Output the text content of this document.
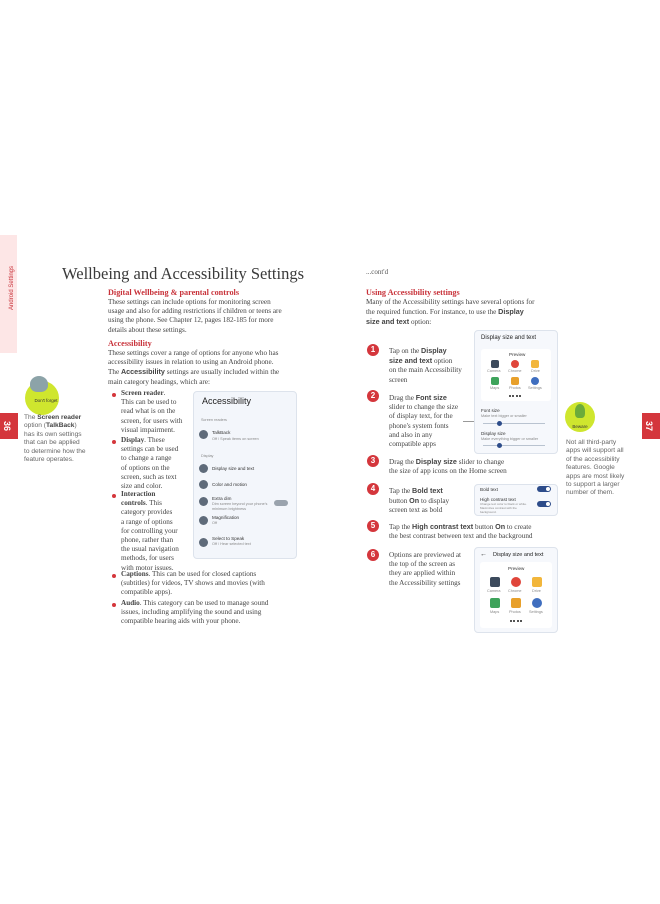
Android Settings
36
Wellbeing and Accessibility Settings
Digital Wellbeing & parental controls
These settings can include options for monitoring screen
usage and also for adding restrictions if children or teens are
using the phone. See Chapter 12, pages 182-185 for more
details about these settings.
Accessibility
These settings cover a range of options for anyone who has
accessibility issues in relation to using an Android phone.
The Accessibility settings are usually included within the
main category headings, which are:
Screen reader.
This can be used to
read what is on the
screen, for users with
visual impairment.
Display. These
settings can be used
to change a range
of options on the
screen, such as text
size and color.
Interaction
controls. This
category provides
a range of options
for controlling your
phone, rather than
the usual navigation
methods, for users
with motor issues.
Captions. This can be used for closed captions
(subtitles) for videos, TV shows and movies (with
compatible apps).
Audio. This category can be used to manage sound
issues, including amplifying the sound and using
compatible hearing aids with your phone.
Don't forget
The Screen reader
option (TalkBack)
has its own settings
that can be applied
to determine how the
feature operates.
Accessibility
Screen readers
TalkBack
Off / Speak items on screen
Display
Display size and text
Color and motion
Extra dim
Dim screen beyond your phone's minimum brightness
Magnification
Off
Select to Speak
Off / Hear selected text
...cont'd
37
Using Accessibility settings
Many of the Accessibility settings have several options for
the required function. For instance, to use the Display
size and text option:
1	Tap on the Display
size and text option
on the main Accessibility
screen
2	Drag the Font size
slider to change the size
of display text, for the
phone's system fonts
and also in any
compatible apps
3	Drag the Display size slider to change
the size of app icons on the Home screen
4	Tap the Bold text
button On to display
screen text as bold
5	Tap the High contrast text button On to create
the best contrast between text and the background
6	Options are previewed at
the top of the screen as
they are applied within
the Accessibility settings
Beware
Not all third-party
apps will support all
of the accessibility
features. Google
apps are most likely
to support a larger
number of them.
Display size and text
Preview
Camera Chrome Drive
Maps	Photos Settings
Font size
Make text bigger or smaller
Display size
Make everything bigger or smaller
Bold text
High contrast text
Change text color to black or white. Maximizes contrast with the background.
← Display size and text
Preview
Camera Chrome	Drive
Maps	Photos Settings
